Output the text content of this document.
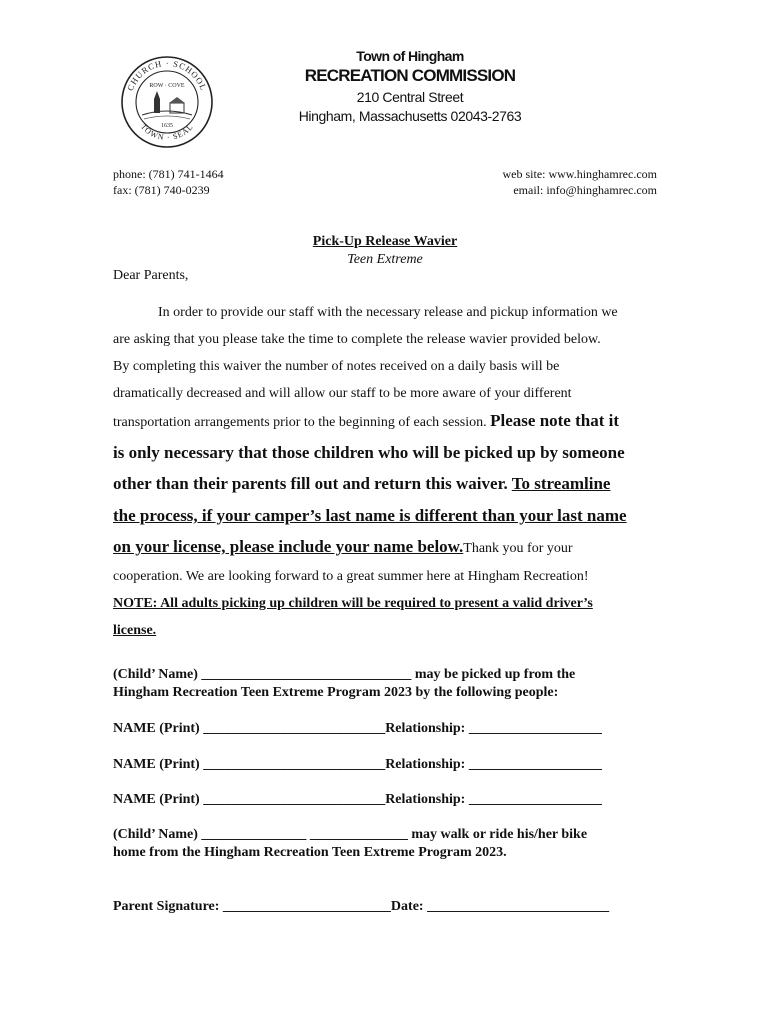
CHURCH · SCHOOL
TOWN · SEAL
ROW · COVE
1635
Town of Hingham
RECREATION COMMISSION
210 Central Street
Hingham, Massachusetts 02043-2763
phone: (781) 741-1464
fax: (781) 740-0239
web site: www.hinghamrec.com
email: info@hinghamrec.com
Pick-Up Release Wavier
Teen Extreme
Dear Parents,
In order to provide our staff with the necessary release and pickup information we
are asking that you please take the time to complete the release wavier provided below.
By completing this waiver the number of notes received on a daily basis will be
dramatically decreased and will allow our staff to be more aware of your different
transportation arrangements prior to the beginning of each session. Please note that it
is only necessary that those children who will be picked up by someone
other than their parents fill out and return this waiver. To streamline
the process, if your camper’s last name is different than your last name
on your license, please include your name below.Thank you for your
cooperation. We are looking forward to a great summer here at Hingham Recreation!
NOTE: All adults picking up children will be required to present a valid driver’s
license.
(Child’ Name) ______________________________ may be picked up from the
Hingham Recreation Teen Extreme Program 2023 by the following people:
NAME (Print) __________________________Relationship: ___________________
NAME (Print) __________________________Relationship: ___________________
NAME (Print) __________________________Relationship: ___________________
(Child’ Name) _______________ ______________ may walk or ride his/her bike
home from the Hingham Recreation Teen Extreme Program 2023.
Parent Signature: ________________________Date: __________________________
